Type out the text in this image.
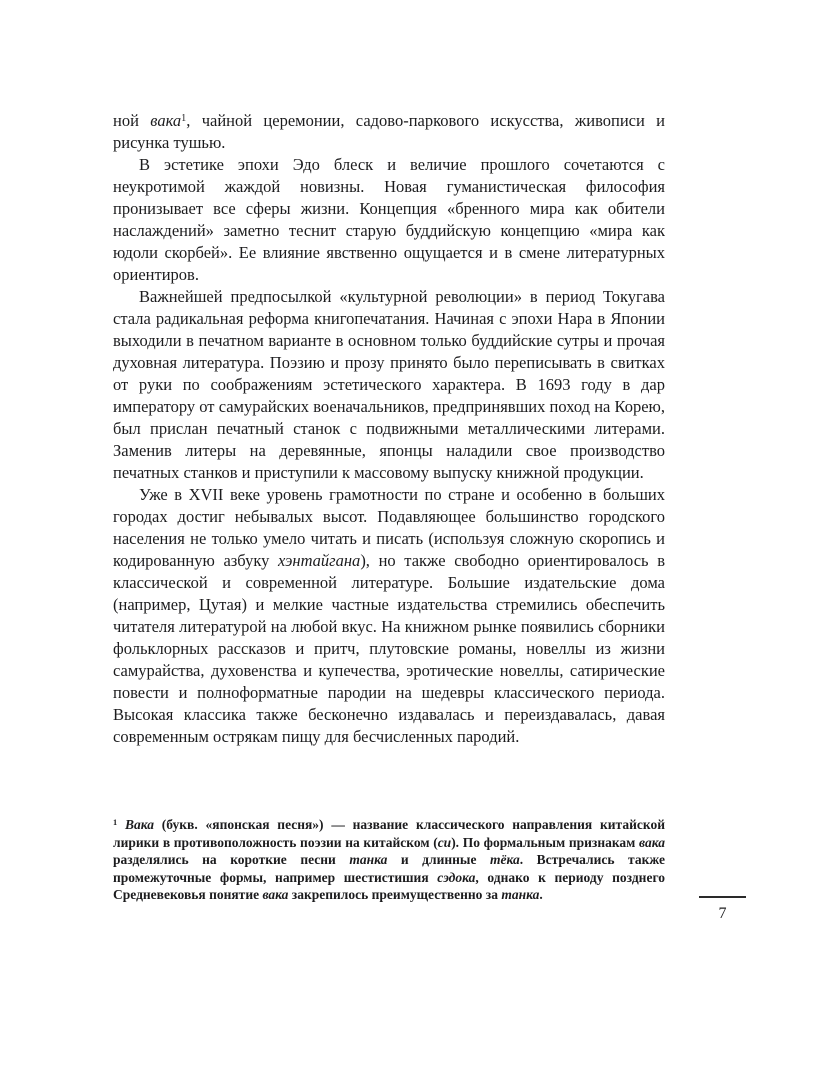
ной вака$^1$, чайной церемонии, садово-паркового искусства, живописи и рисунка тушью.

В эстетике эпохи Эдо блеск и величие прошлого сочетаются с неукротимой жаждой новизны. Новая гуманистическая философия пронизывает все сферы жизни. Концепция «бренного мира как обители наслаждений» заметно теснит старую буддийскую концепцию «мира как юдоли скорбей». Ее влияние явственно ощущается и в смене литературных ориентиров.

Важнейшей предпосылкой «культурной революции» в период Токугава стала радикальная реформа книгопечатания. Начиная с эпохи Нара в Японии выходили в печатном варианте в основном только буддийские сутры и прочая духовная литература. Поэзию и прозу принято было переписывать в свитках от руки по соображениям эстетического характера. В 1693 году в дар императору от самурайских военачальников, предпринявших поход на Корею, был прислан печатный станок с подвижными металлическими литерами. Заменив литеры на деревянные, японцы наладили свое производство печатных станков и приступили к массовому выпуску книжной продукции.

Уже в XVII веке уровень грамотности по стране и особенно в больших городах достиг небывалых высот. Подавляющее большинство городского населения не только умело читать и писать (используя сложную скоропись и кодированную азбуку хэнтайгана), но также свободно ориентировалось в классической и современной литературе. Большие издательские дома (например, Цутая) и мелкие частные издательства стремились обеспечить читателя литературой на любой вкус. На книжном рынке появились сборники фольклорных рассказов и притч, плутовские романы, новеллы из жизни самурайства, духовенства и купечества, эротические новеллы, сатирические повести и полноформатные пародии на шедевры классического периода. Высокая классика также бесконечно издавалась и переиздавалась, давая современным острякам пищу для бесчисленных пародий.

$^1$ Вака (букв. «японская песня») — название классического направления китайской лирики в противоположность поэзии на китайском (си). По формальным признакам вака разделялись на короткие песни танка и длинные тёка. Встречались также промежуточные формы, например шестистишия сэдока, однако к периоду позднего Средневековья понятие вака закрепилось преимущественно за танка.
7
